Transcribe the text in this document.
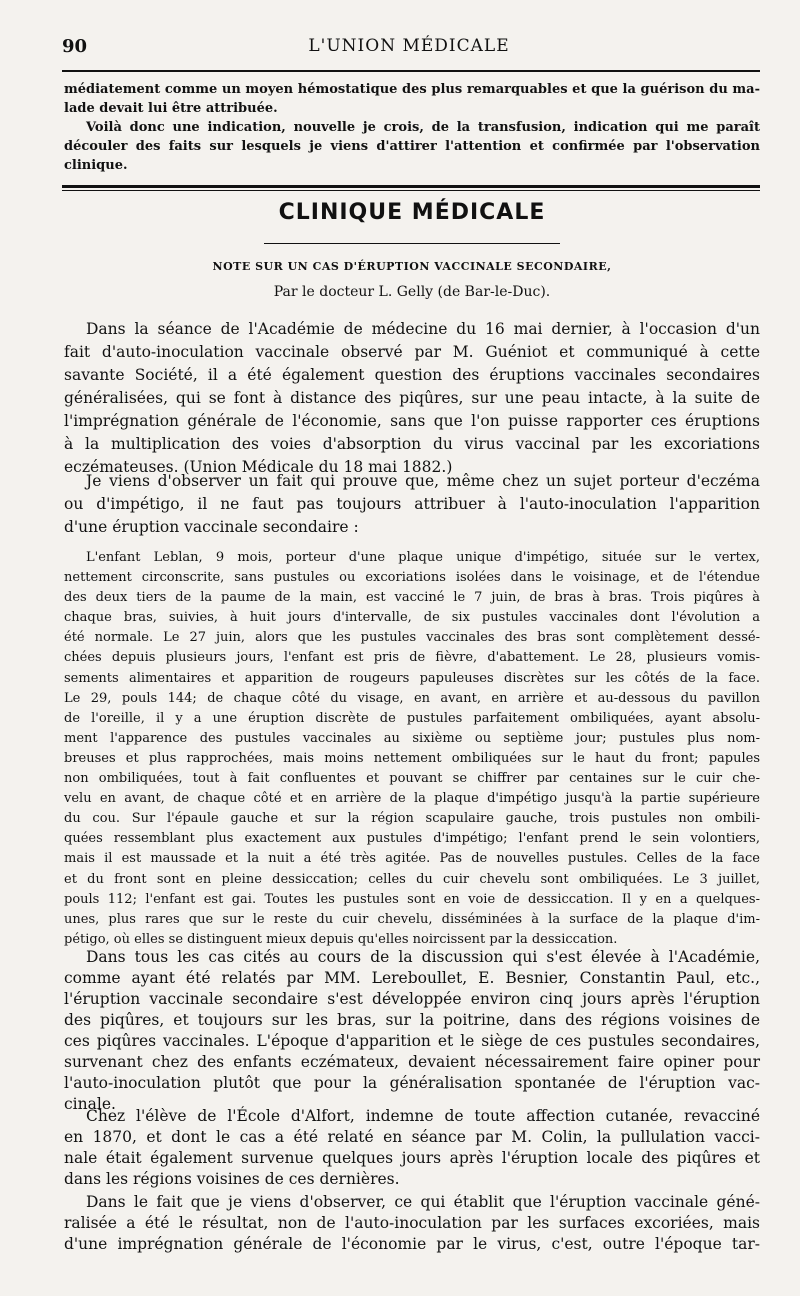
90	L'UNION MÉDICALE
médiatement comme un moyen hémostatique des plus remarquables et que la guérison du ma-
lade devait lui être attribuée.
Voilà donc une indication, nouvelle je crois, de la transfusion, indication qui me paraît
découler des faits sur lesquels je viens d'attirer l'attention et confirmée par l'observation
clinique.
CLINIQUE MÉDICALE
NOTE SUR UN CAS D'ÉRUPTION VACCINALE SECONDAIRE,
Par le docteur L. Gelly (de Bar-le-Duc).
Dans la séance de l'Académie de médecine du 16 mai dernier, à l'occasion d'un
fait d'auto-inoculation vaccinale observé par M. Guéniot et communiqué à cette
savante Société, il a été également question des éruptions vaccinales secondaires
généralisées, qui se font à distance des piqûres, sur une peau intacte, à la suite de
l'imprégnation générale de l'économie, sans que l'on puisse rapporter ces éruptions
à la multiplication des voies d'absorption du virus vaccinal par les excoriations
eczémateuses. (Union Médicale du 18 mai 1882.)
Je viens d'observer un fait qui prouve que, même chez un sujet porteur d'eczéma
ou d'impétigo, il ne faut pas toujours attribuer à l'auto-inoculation l'apparition
d'une éruption vaccinale secondaire :
L'enfant Leblan, 9 mois, porteur d'une plaque unique d'impétigo, située sur le vertex,
nettement circonscrite, sans pustules ou excoriations isolées dans le voisinage, et de l'étendue
des deux tiers de la paume de la main, est vacciné le 7 juin, de bras à bras. Trois piqûres à
chaque bras, suivies, à huit jours d'intervalle, de six pustules vaccinales dont l'évolution a
été normale. Le 27 juin, alors que les pustules vaccinales des bras sont complètement dessé-
chées depuis plusieurs jours, l'enfant est pris de fièvre, d'abattement. Le 28, plusieurs vomis-
sements alimentaires et apparition de rougeurs papuleuses discrètes sur les côtés de la face.
Le 29, pouls 144; de chaque côté du visage, en avant, en arrière et au-dessous du pavillon
de l'oreille, il y a une éruption discrète de pustules parfaitement ombiliquées, ayant absolu-
ment l'apparence des pustules vaccinales au sixième ou septième jour; pustules plus nom-
breuses et plus rapprochées, mais moins nettement ombiliquées sur le haut du front; papules
non ombiliquées, tout à fait confluentes et pouvant se chiffrer par centaines sur le cuir che-
velu en avant, de chaque côté et en arrière de la plaque d'impétigo jusqu'à la partie supérieure
du cou. Sur l'épaule gauche et sur la région scapulaire gauche, trois pustules non ombili-
quées ressemblant plus exactement aux pustules d'impétigo; l'enfant prend le sein volontiers,
mais il est maussade et la nuit a été très agitée. Pas de nouvelles pustules. Celles de la face
et du front sont en pleine dessiccation; celles du cuir chevelu sont ombiliquées. Le 3 juillet,
pouls 112; l'enfant est gai. Toutes les pustules sont en voie de dessiccation. Il y en a quelques-
unes, plus rares que sur le reste du cuir chevelu, disséminées à la surface de la plaque d'im-
pétigo, où elles se distinguent mieux depuis qu'elles noircissent par la dessiccation.
Dans tous les cas cités au cours de la discussion qui s'est élevée à l'Académie,
comme ayant été relatés par MM. Lereboullet, E. Besnier, Constantin Paul, etc.,
l'éruption vaccinale secondaire s'est développée environ cinq jours après l'éruption
des piqûres, et toujours sur les bras, sur la poitrine, dans des régions voisines de
ces piqûres vaccinales. L'époque d'apparition et le siège de ces pustules secondaires,
survenant chez des enfants eczémateux, devaient nécessairement faire opiner pour
l'auto-inoculation plutôt que pour la généralisation spontanée de l'éruption vac-
cinale.
Chez l'élève de l'École d'Alfort, indemne de toute affection cutanée, revacciné
en 1870, et dont le cas a été relaté en séance par M. Colin, la pullulation vacci-
nale était également survenue quelques jours après l'éruption locale des piqûres et
dans les régions voisines de ces dernières.
Dans le fait que je viens d'observer, ce qui établit que l'éruption vaccinale géné-
ralisée a été le résultat, non de l'auto-inoculation par les surfaces excoriées, mais
d'une imprégnation générale de l'économie par le virus, c'est, outre l'époque tar-
